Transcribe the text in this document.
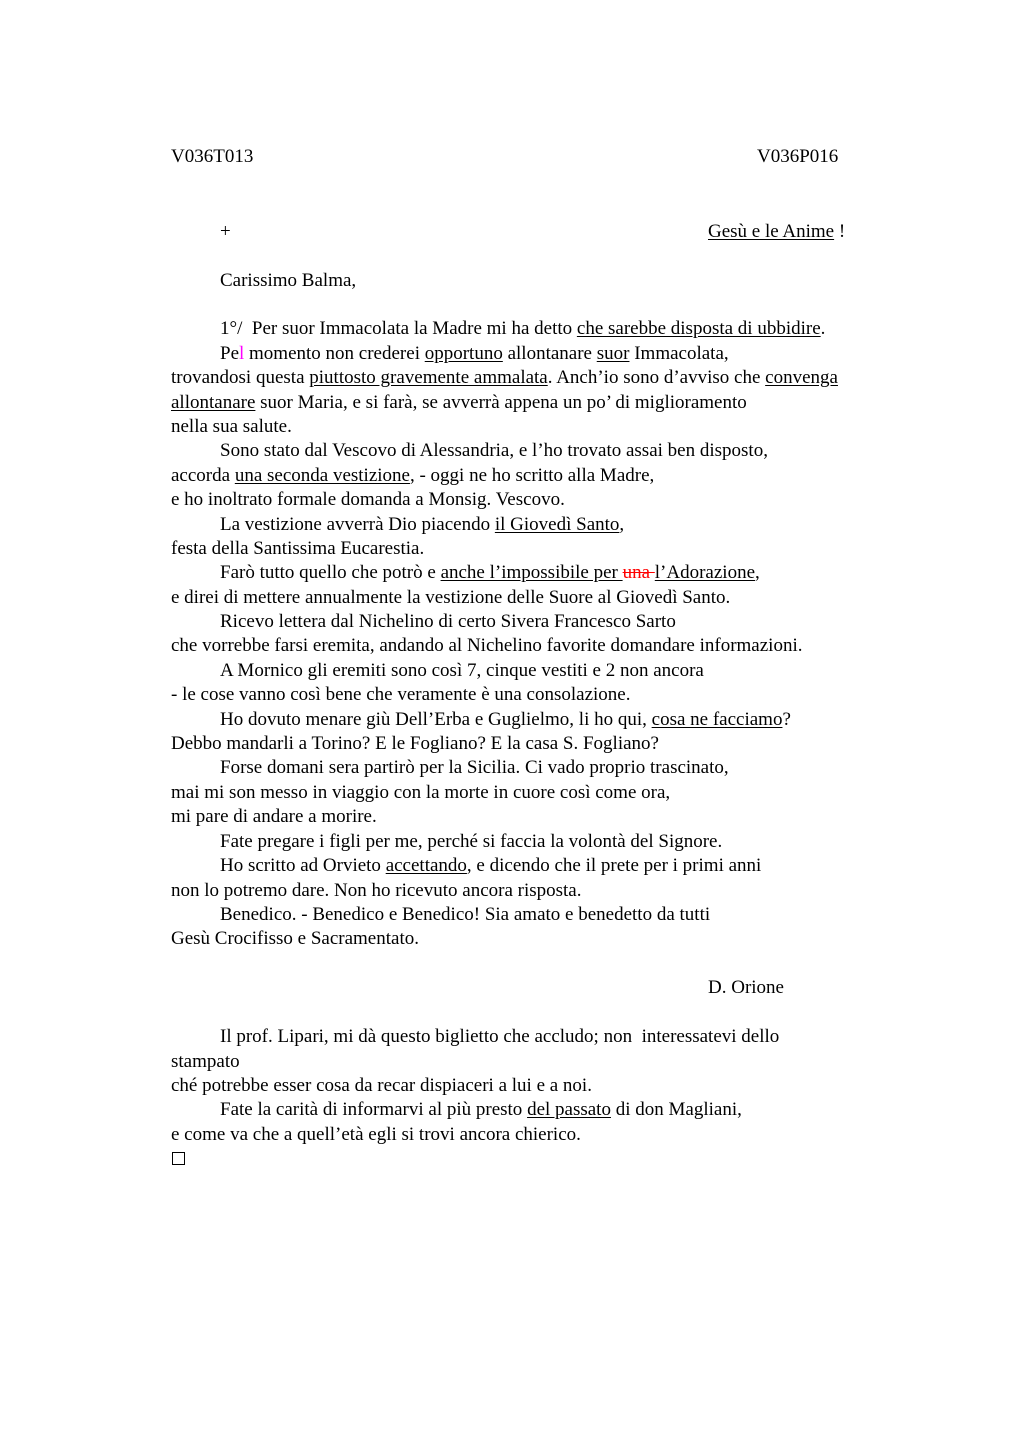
V036T013	V036P016
+	Gesù e le Anime !
Carissimo Balma,
1°/  Per suor Immacolata la Madre mi ha detto che sarebbe disposta di ubbidire.
Pel momento non crederei opportuno allontanare suor Immacolata,
trovandosi questa piuttosto gravemente ammalata. Anch’io sono d’avviso che convenga
allontanare suor Maria, e si farà, se avverrà appena un po’ di miglioramento
nella sua salute.
Sono stato dal Vescovo di Alessandria, e l’ho trovato assai ben disposto,
accorda una seconda vestizione, - oggi ne ho scritto alla Madre,
e ho inoltrato formale domanda a Monsig. Vescovo.
La vestizione avverrà Dio piacendo il Giovedì Santo,
festa della Santissima Eucarestia.
Farò tutto quello che potrò e anche l’impossibile per una l’Adorazione,
e direi di mettere annualmente la vestizione delle Suore al Giovedì Santo.
Ricevo lettera dal Nichelino di certo Sivera Francesco Sarto
che vorrebbe farsi eremita, andando al Nichelino favorite domandare informazioni.
A Mornico gli eremiti sono così 7, cinque vestiti e 2 non ancora
- le cose vanno così bene che veramente è una consolazione.
Ho dovuto menare giù Dell’Erba e Guglielmo, li ho qui, cosa ne facciamo?
Debbo mandarli a Torino? E le Fogliano? E la casa S. Fogliano?
Forse domani sera partirò per la Sicilia. Ci vado proprio trascinato,
mai mi son messo in viaggio con la morte in cuore così come ora,
mi pare di andare a morire.
Fate pregare i figli per me, perché si faccia la volontà del Signore.
Ho scritto ad Orvieto accettando, e dicendo che il prete per i primi anni
non lo potremo dare. Non ho ricevuto ancora risposta.
Benedico. - Benedico e Benedico! Sia amato e benedetto da tutti
Gesù Crocifisso e Sacramentato.
D. Orione
Il prof. Lipari, mi dà questo biglietto che accludo; non  interessatevi dello
stampato
ché potrebbe esser cosa da recar dispiaceri a lui e a noi.
Fate la carità di informarvi al più presto del passato di don Magliani,
e come va che a quell’età egli si trovi ancora chierico.
